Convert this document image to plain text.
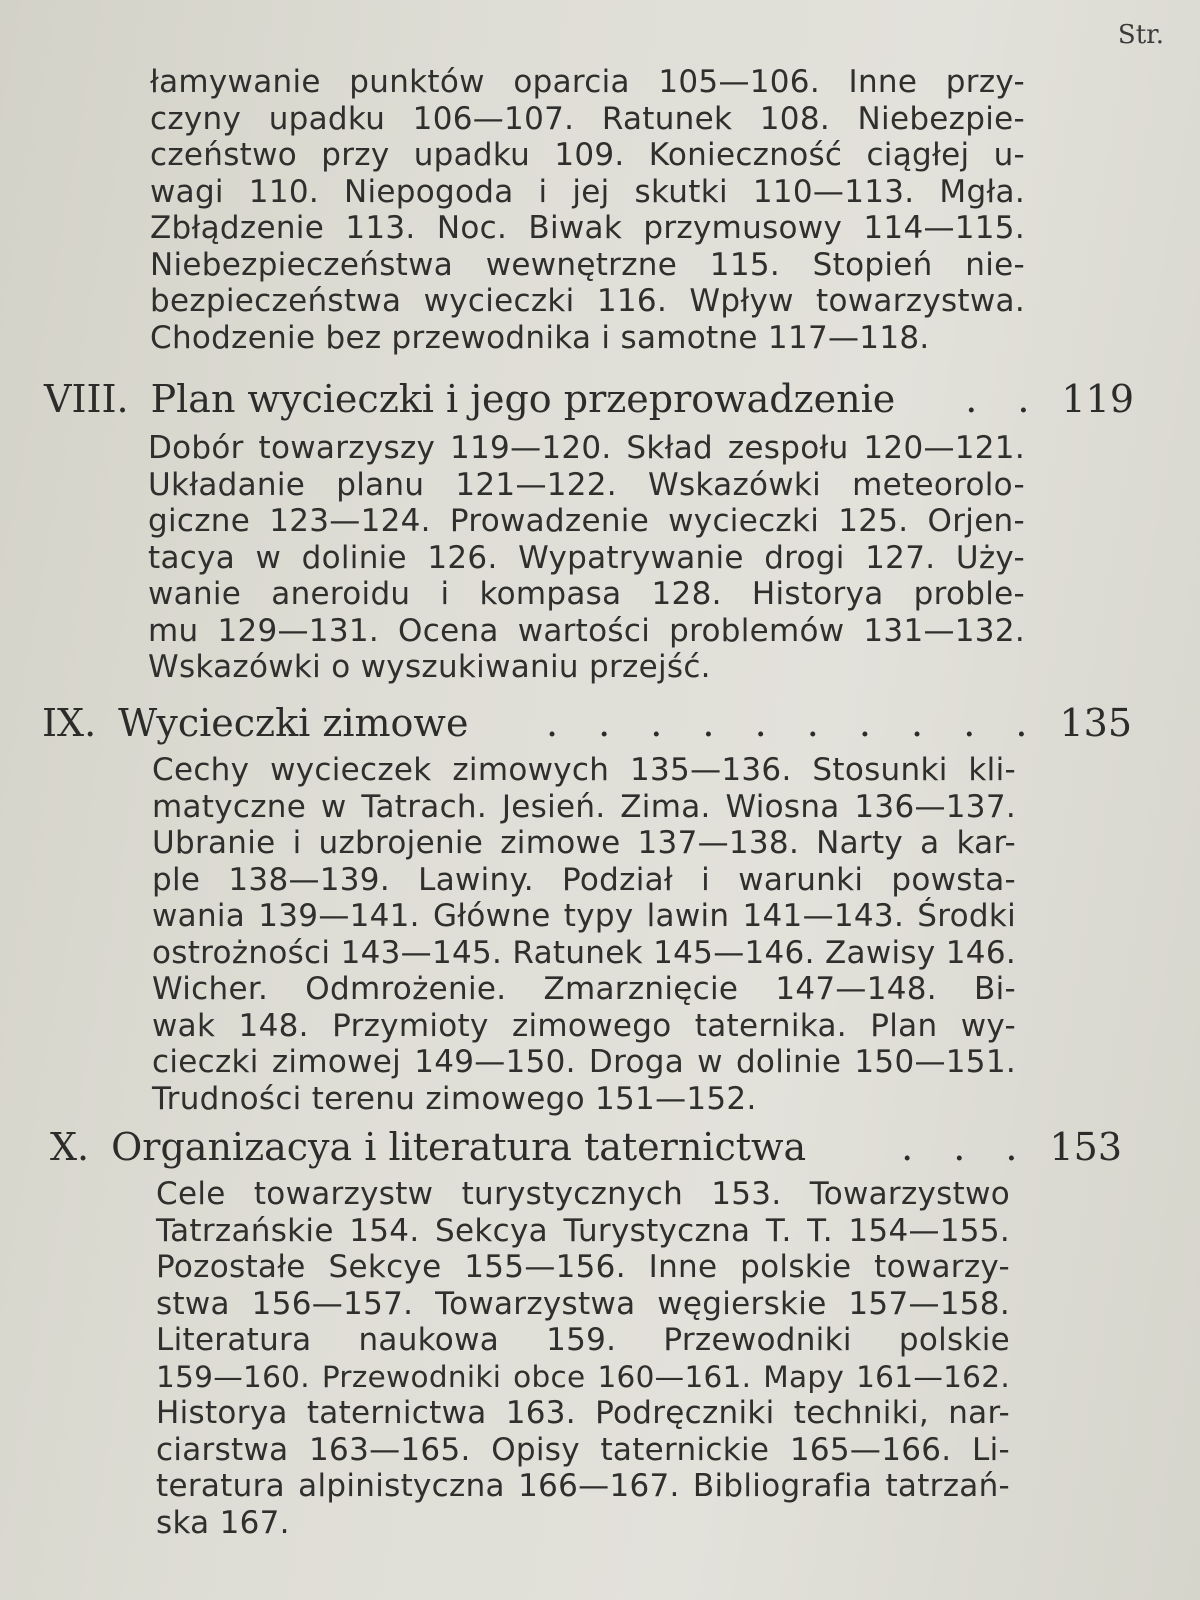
Str.
łamywanie punktów oparcia 105—106. Inne przy-
czyny upadku 106—107. Ratunek 108. Niebezpie-
czeństwo przy upadku 109. Konieczność ciągłej u-
wagi 110. Niepogoda i jej skutki 110—113. Mgła.
Zbłądzenie 113. Noc. Biwak przymusowy 114—115.
Niebezpieczeństwa wewnętrzne 115. Stopień nie-
bezpieczeństwa wycieczki 116. Wpływ towarzystwa.
Chodzenie bez przewodnika i samotne 117—118.
VIII. Plan wycieczki i jego przeprowadzenie	. . 119
Dobór towarzyszy 119—120. Skład zespołu 120—121.
Układanie planu 121—122. Wskazówki meteorolo-
giczne 123—124. Prowadzenie wycieczki 125. Orjen-
tacya w dolinie 126. Wypatrywanie drogi 127. Uży-
wanie aneroidu i kompasa 128. Historya proble-
mu 129—131. Ocena wartości problemów 131—132.
Wskazówki o wyszukiwaniu przejść.
IX. Wycieczki zimowe	. . . . . . . . . . 135
Cechy wycieczek zimowych 135—136. Stosunki kli-
matyczne w Tatrach. Jesień. Zima. Wiosna 136—137.
Ubranie i uzbrojenie zimowe 137—138. Narty a kar-
ple 138—139. Lawiny. Podział i warunki powsta-
wania 139—141. Główne typy lawin 141—143. Środki
ostrożności 143—145. Ratunek 145—146. Zawisy 146.
Wicher. Odmrożenie. Zmarznięcie 147—148. Bi-
wak 148. Przymioty zimowego taternika. Plan wy-
cieczki zimowej 149—150. Droga w dolinie 150—151.
Trudności terenu zimowego 151—152.
X. Organizacya i literatura taternictwa	. . . 153
Cele towarzystw turystycznych 153. Towarzystwo
Tatrzańskie 154. Sekcya Turystyczna T. T. 154—155.
Pozostałe Sekcye 155—156. Inne polskie towarzy-
stwa 156—157. Towarzystwa węgierskie 157—158.
Literatura naukowa 159. Przewodniki polskie
159—160. Przewodniki obce 160—161. Mapy 161—162.
Historya taternictwa 163. Podręczniki techniki, nar-
ciarstwa 163—165. Opisy taternickie 165—166. Li-
teratura alpinistyczna 166—167. Bibliografia tatrzań-
ska 167.
